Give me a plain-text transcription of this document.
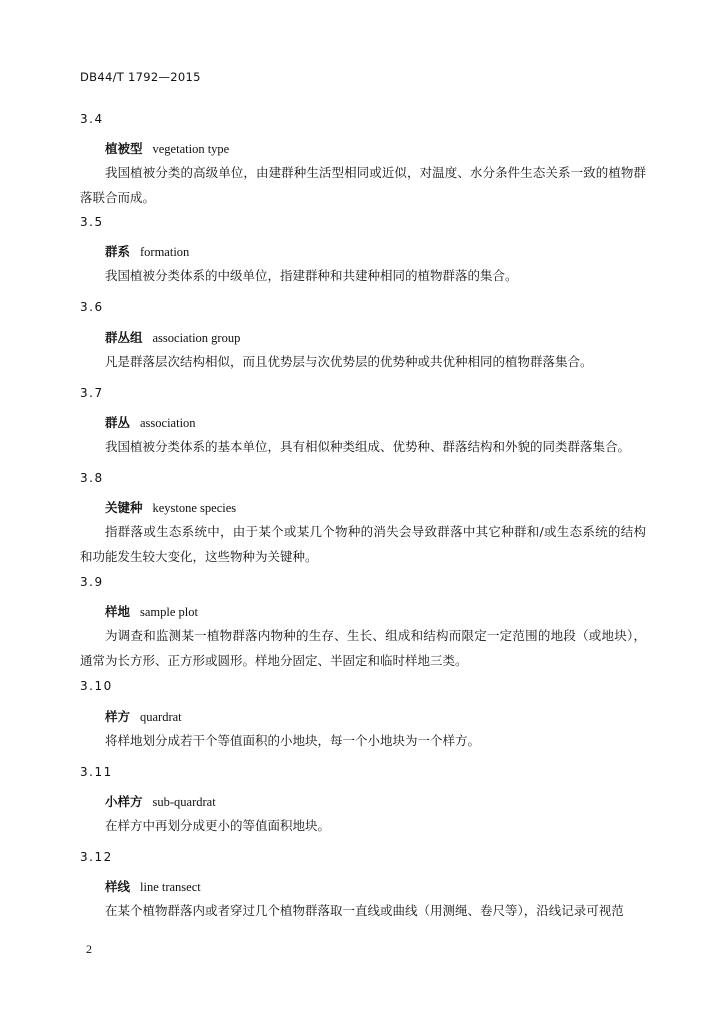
DB44/T 1792—2015
3.4
植被型 vegetation type
我国植被分类的高级单位，由建群种生活型相同或近似，对温度、水分条件生态关系一致的植物群落联合而成。
3.5
群系 formation
我国植被分类体系的中级单位，指建群种和共建种相同的植物群落的集合。
3.6
群丛组 association group
凡是群落层次结构相似，而且优势层与次优势层的优势种或共优种相同的植物群落集合。
3.7
群丛 association
我国植被分类体系的基本单位，具有相似种类组成、优势种、群落结构和外貌的同类群落集合。
3.8
关键种 keystone species
指群落或生态系统中，由于某个或某几个物种的消失会导致群落中其它种群和/或生态系统的结构和功能发生较大变化，这些物种为关键种。
3.9
样地 sample plot
为调查和监测某一植物群落内物种的生存、生长、组成和结构而限定一定范围的地段（或地块），通常为长方形、正方形或圆形。样地分固定、半固定和临时样地三类。
3.10
样方 quardrat
将样地划分成若干个等值面积的小地块，每一个小地块为一个样方。
3.11
小样方 sub-quardrat
在样方中再划分成更小的等值面积地块。
3.12
样线 line transect
在某个植物群落内或者穿过几个植物群落取一直线或曲线（用测绳、卷尺等），沿线记录可视范
2
